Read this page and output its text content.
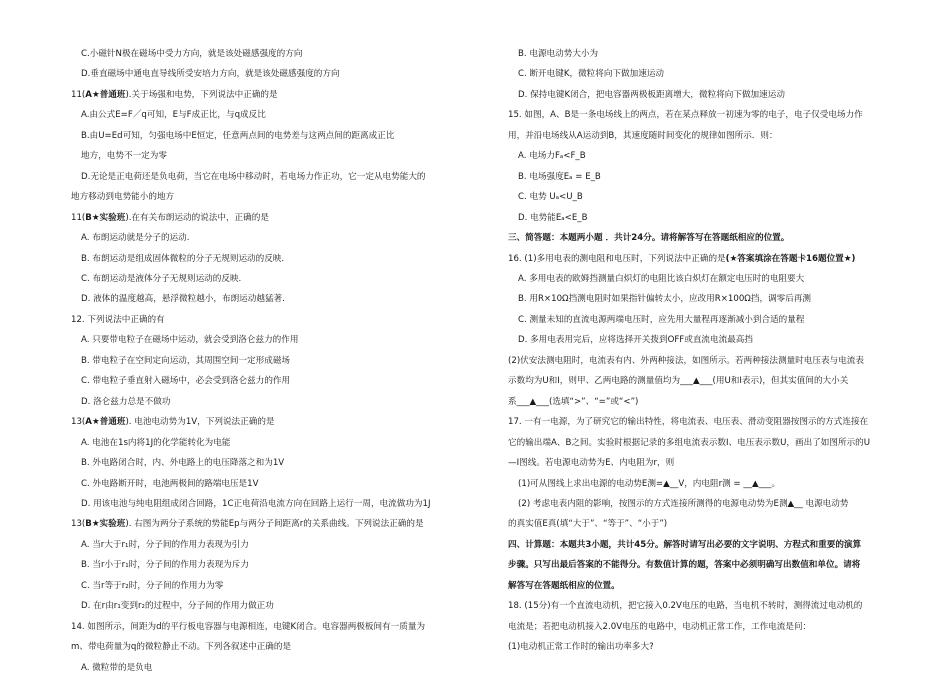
C.小磁针N极在磁场中受力方向，就是该处磁感强度的方向
D.垂直磁场中通电直导线所受安培力方向，就是该处磁感强度的方向
11(A★普通班).关于场强和电势，下列说法中正确的是
A.由公式E=F／q可知，E与F成正比，与q成反比
B.由U=Ed可知，匀强电场中E恒定，任意两点间的电势差与这两点间的距离成正比
地方，电势不一定为零
D.无论是正电荷还是负电荷，当它在电场中移动时，若电场力作正功，它一定从电势能大的
地方移动到电势能小的地方
11(B★实验班).在有关布朗运动的说法中，正确的是
A. 布朗运动就是分子的运动.
B. 布朗运动是组成固体微粒的分子无规则运动的反映.
C. 布朗运动是液体分子无规则运动的反映.
D. 液体的温度越高，悬浮微粒越小，布朗运动越猛著.
12. 下列说法中正确的有
A. 只要带电粒子在磁场中运动，就会受到洛仑兹力的作用
B. 带电粒子在空间定向运动，其周围空间一定形成磁场
C. 带电粒子垂直射入磁场中，必会受到洛仑兹力的作用
D. 洛仑兹力总是不做功
13(A★普通班). 电池电动势为1V，下列说法正确的是
A. 电池在1s内将1J的化学能转化为电能
B. 外电路闭合时，内、外电路上的电压降落之和为1V
C. 外电路断开时，电池两极间的路端电压是1V
D. 用该电池与纯电阻组成闭合回路，1C正电荷沿电流方向在回路上运行一周，电流做功为1J
13(B★实验班). 右图为两分子系统的势能Ep与两分子间距离r的关系曲线。下列说法正确的是
A. 当r大于r₁时，分子间的作用力表现为引力
B. 当r小于r₁时，分子间的作用力表现为斥力
C. 当r等于r₂时，分子间的作用力为零
D. 在r由r₁变到r₂的过程中，分子间的作用力做正功
14. 如图所示，间距为d的平行板电容器与电源相连，电键K闭合。电容器两极板间有一质量为
m、带电荷量为q的微粒静止不动。下列各叙述中正确的是
A. 微粒带的是负电
B. 电源电动势大小为
C. 断开电键K，微粒将向下做加速运动
D. 保持电键K闭合，把电容器两极板距离增大，微粒将向下做加速运动
15. 如图，A、B是一条电场线上的两点，若在某点释放一初速为零的电子，电子仅受电场力作
用，并沿电场线从A运动到B，其速度随时间变化的规律如图所示．则：
A. 电场力Fₐ<F_B
B. 电场强度Eₐ = E_B
C. 电势 Uₐ<U_B
D. 电势能Eₐ<E_B
三、简答题：本题两小题 ．共计24分。请将解答写在答题纸相应的位置。
16. (1)多用电表的测电阻和电压时，下列说法中正确的是(★答案填涂在答题卡16题位置★)
A. 多用电表的欧姆挡测量白炽灯的电阻比该白炽灯在额定电压时的电阻要大
B. 用R×10Ω挡测电阻时如果指针偏转太小，应改用R×100Ω挡，调零后再测
C. 测量未知的直流电源两端电压时，应先用大量程再逐渐减小到合适的量程
D. 多用电表用完后，应将选择开关拨到OFF或直流电流最高挡
(2)伏安法测电阻时，电流表有内、外两种接法，如图所示。若两种接法测量时电压表与电流表
示数均为U和I，则甲、乙两电路的测量值均为___▲___(用U和I表示)，但其实值间的大小关
系___▲___(选填“>”、“=”或“<”)
17. 一有一电源，为了研究它的输出特性，将电流表、电压表、滑动变阻器按图示的方式连接在
它的输出端A、B之间。实验时根据记录的多组电流表示数I、电压表示数U，画出了如图所示的U
—I图线。若电源电动势为E、内电阻为r，则
(1)可从图线上求出电源的电动势E测=▲__V，内电阻r测 = __▲___。
(2) 考虑电表内阻的影响，按图示的方式连接所测得的电源电动势为E测▲__ 电源电动势
的真实值E真(填“大于”、“等于”、“小于”)
四、计算题：本题共3小题，共计45分。解答时请写出必要的文字说明、方程式和重要的演算
步骤。只写出最后答案的不能得分。有数值计算的题，答案中必须明确写出数值和单位。请将
解答写在答题纸相应的位置。
18. (15分)有一个直流电动机，把它接入0.2V电压的电路，当电机不转时，测得流过电动机的
电流是；若把电动机接入2.0V电压的电路中，电动机正常工作，工作电流是问：
(1)电动机正常工作时的输出功率多大?
